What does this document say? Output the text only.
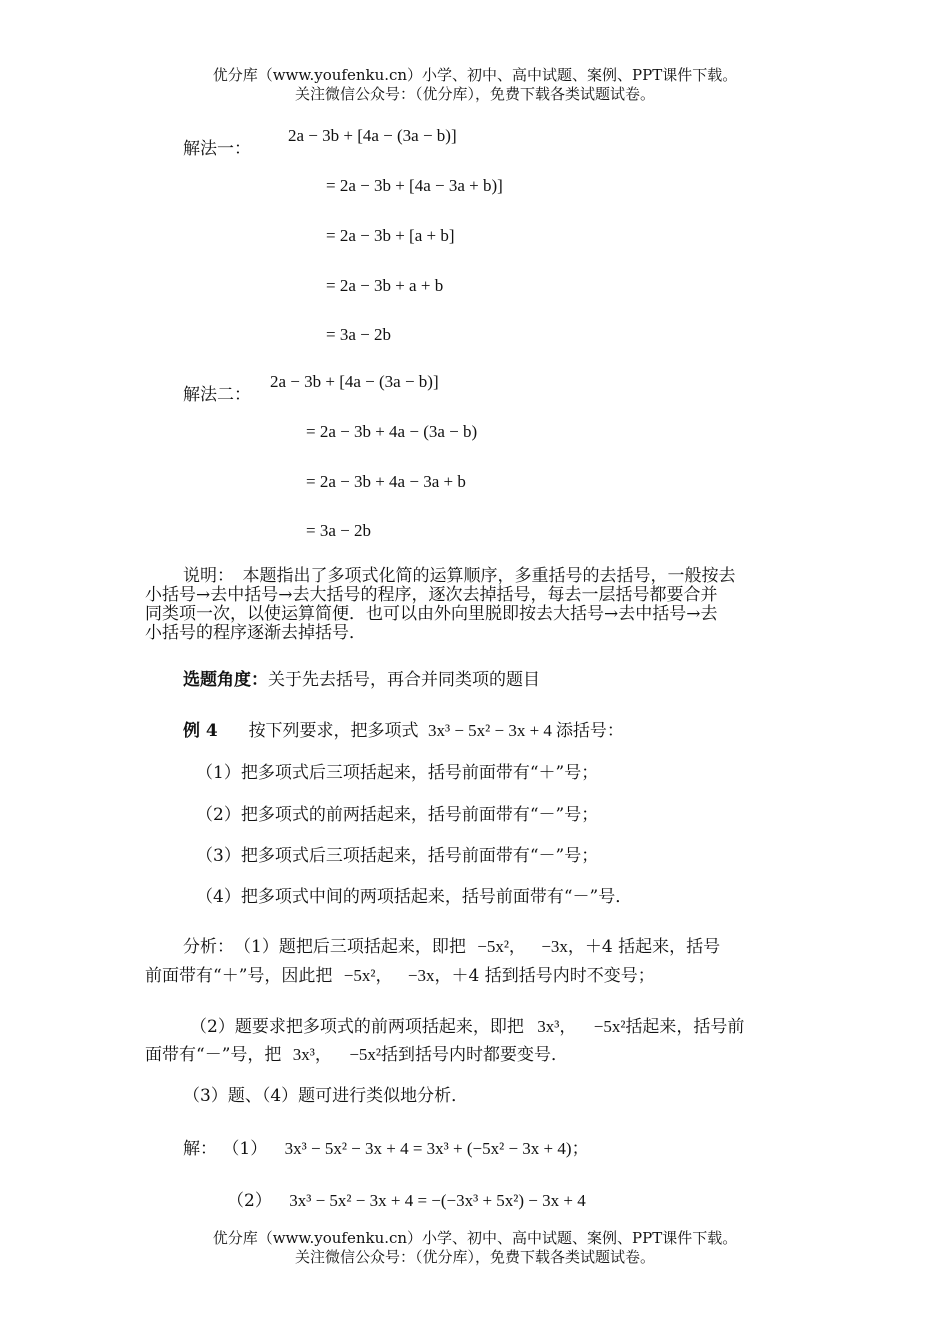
优分库（www.youfenku.cn）小学、初中、高中试题、案例、PPT课件下载。
关注微信公众号：（优分库），免费下载各类试题试卷。
解法一：
2a − 3b + [4a − (3a − b)]
= 2a − 3b + [4a − 3a + b)]
= 2a − 3b + [a + b]
= 2a − 3b + a + b
= 3a − 2b
解法二：
2a − 3b + [4a − (3a − b)]
= 2a − 3b + 4a − (3a − b)
= 2a − 3b + 4a − 3a + b
= 3a − 2b
说明：　本题指出了多项式化简的运算顺序，多重括号的去括号，一般按去
小括号→去中括号→去大括号的程序，逐次去掉括号，每去一层括号都要合并
同类项一次，以使运算简便．也可以由外向里脱即按去大括号→去中括号→去
小括号的程序逐渐去掉括号．
选题角度：关于先去括号，再合并同类项的题目
例 4 按下列要求，把多项式 3x³ − 5x² − 3x + 4 添括号：
（1）把多项式后三项括起来，括号前面带有“＋”号；
（2）把多项式的前两括起来，括号前面带有“－”号；
（3）把多项式后三项括起来，括号前面带有“－”号；
（4）把多项式中间的两项括起来，括号前面带有“－”号．
分析：　（1）题把后三项括起来，即把 −5x²， −3x，＋4 括起来，括号
前面带有“＋”号，因此把 −5x²， −3x，＋4 括到括号内时不变号；
（2）题要求把多项式的前两项括起来，即把 3x³， −5x²括起来，括号前
面带有“－”号，把 3x³， −5x²括到括号内时都要变号．
（3）题、（4）题可进行类似地分析．
解： （1） 3x³ − 5x² − 3x + 4 = 3x³ + (−5x² − 3x + 4)；
（2） 3x³ − 5x² − 3x + 4 = −(−3x³ + 5x²) − 3x + 4
优分库（www.youfenku.cn）小学、初中、高中试题、案例、PPT课件下载。
关注微信公众号：（优分库），免费下载各类试题试卷。
